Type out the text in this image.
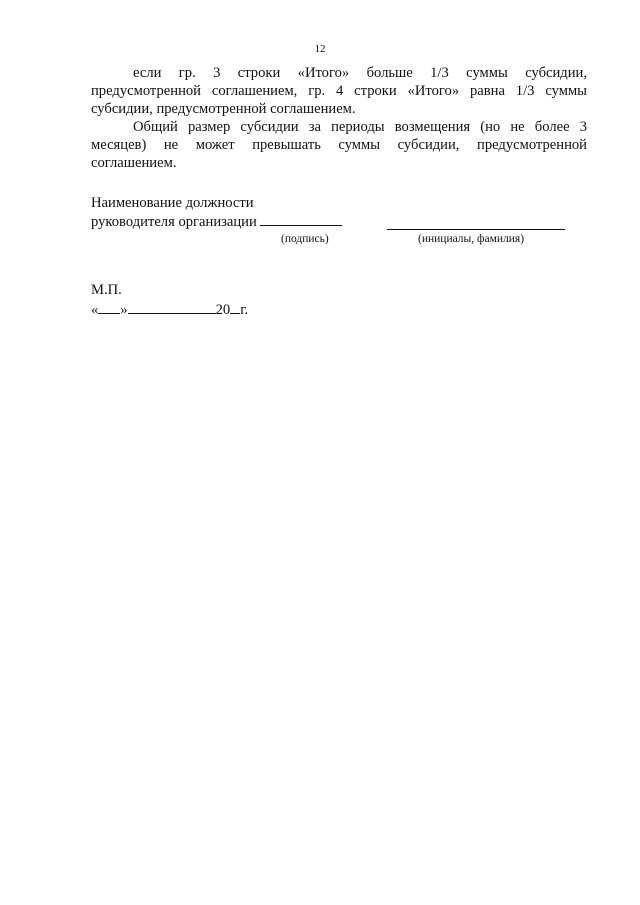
12

если гр. 3 строки «Итого» больше 1/3 суммы субсидии, предусмотренной соглашением, гр. 4 строки «Итого» равна 1/3 суммы субсидии, предусмотренной соглашением.

Общий размер субсидии за периоды возмещения (но не более 3 месяцев) не может превышать суммы субсидии, предусмотренной соглашением.

Наименование должности
руководителя организации
(подпись)	(инициалы, фамилия)
М.П.
« »	20 г.
